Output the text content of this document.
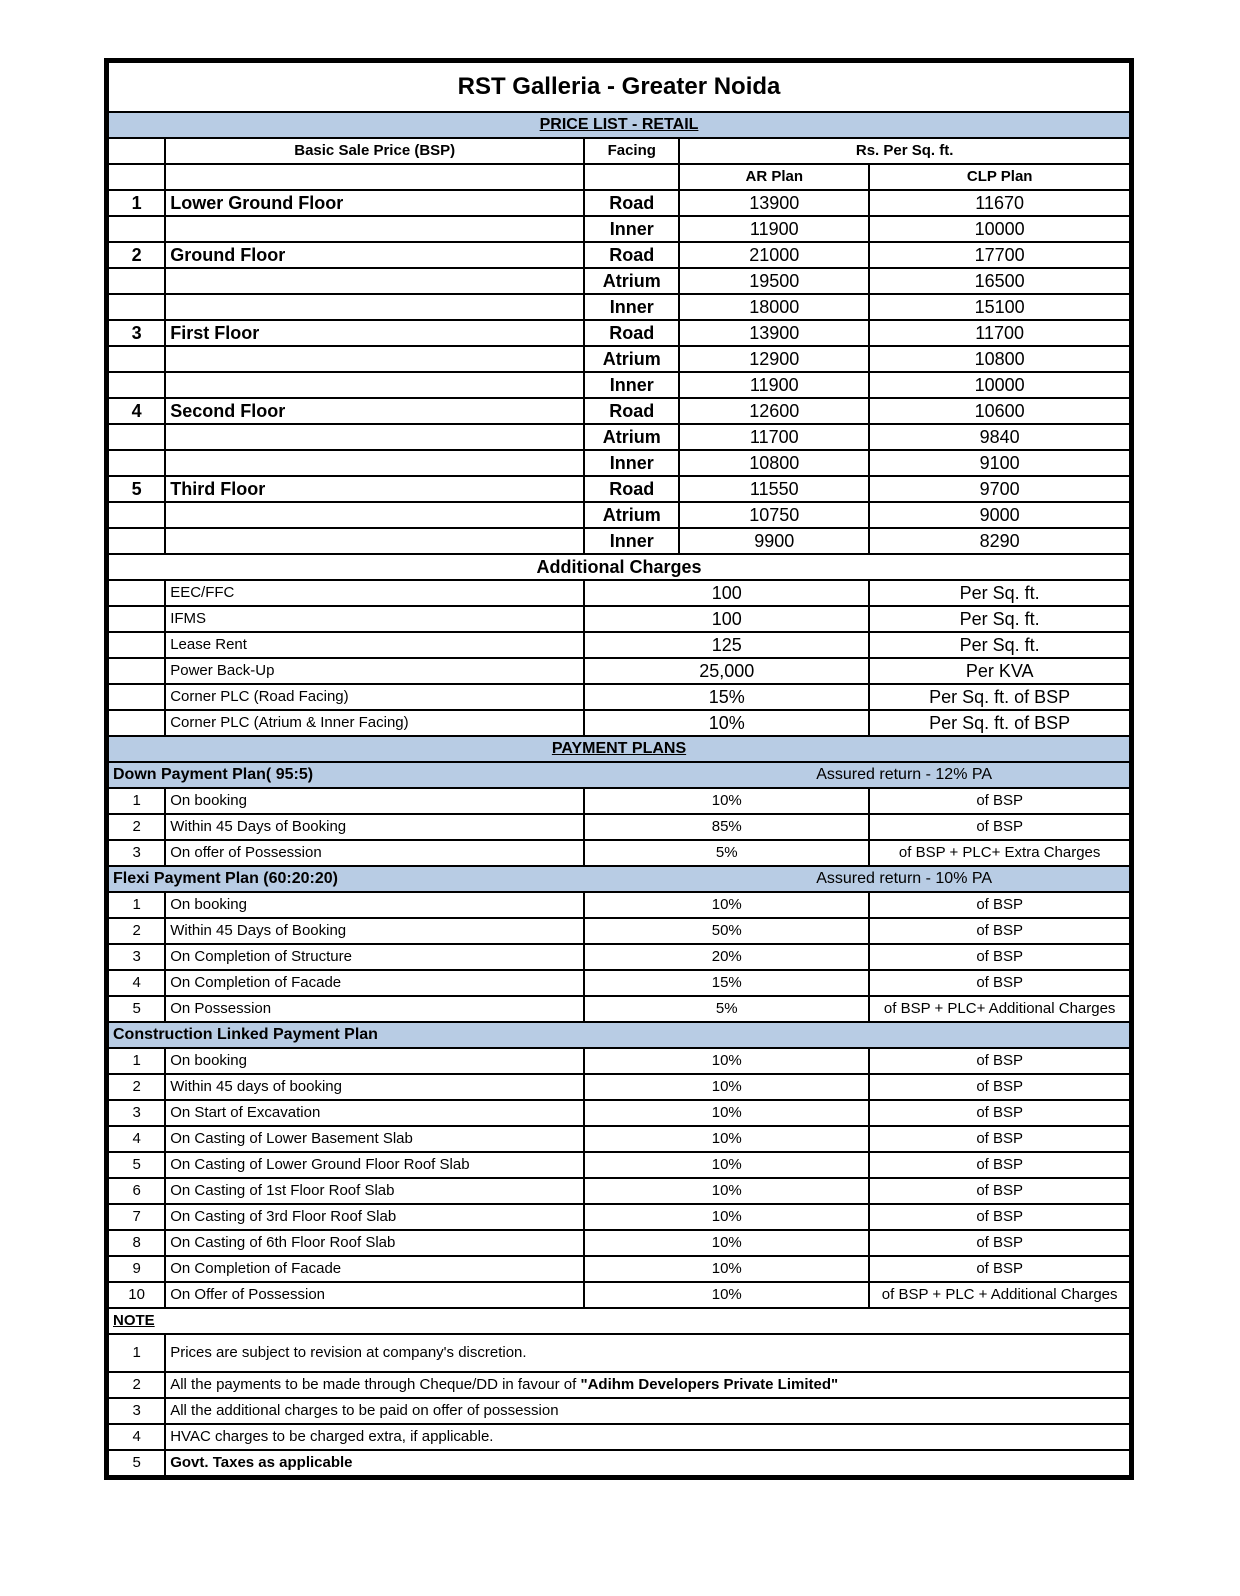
RST Galleria - Greater Noida				
PRICE LIST - RETAIL				
	Basic Sale Price (BSP)	Facing	Rs. Per Sq. ft.	
			AR Plan	CLP Plan
1	Lower Ground Floor	Road	13900	11670
		Inner	11900	10000
2	Ground Floor	Road	21000	17700
		Atrium	19500	16500
		Inner	18000	15100
3	First Floor	Road	13900	11700
		Atrium	12900	10800
		Inner	11900	10000
4	Second Floor	Road	12600	10600
		Atrium	11700	9840
		Inner	10800	9100
5	Third Floor	Road	11550	9700
		Atrium	10750	9000
		Inner	9900	8290
Additional Charges				
	EEC/FFC	100		Per Sq. ft.
	IFMS	100		Per Sq. ft.
	Lease Rent	125		Per Sq. ft.
	Power Back-Up	25,000		Per KVA
	Corner PLC (Road Facing)	15%		Per Sq. ft. of BSP
	Corner PLC (Atrium & Inner Facing)	10%		Per Sq. ft. of BSP
PAYMENT PLANS				
Down Payment Plan( 95:5)			Assured return - 12% PA	
1	On booking	10%		of BSP
2	Within 45 Days of Booking	85%		of BSP
3	On offer of Possession	5%		of BSP + PLC+ Extra Charges
Flexi Payment Plan (60:20:20)			Assured return - 10% PA	
1	On booking	10%		of BSP
2	Within 45 Days of Booking	50%		of BSP
3	On Completion of Structure	20%		of BSP
4	On Completion of Facade	15%		of BSP
5	On Possession	5%		of BSP + PLC+ Additional Charges
Construction Linked Payment Plan				
1	On booking	10%		of BSP
2	Within 45 days of booking	10%		of BSP
3	On Start of Excavation	10%		of BSP
4	On Casting of Lower Basement Slab	10%		of BSP
5	On Casting of Lower Ground Floor Roof Slab	10%		of BSP
6	On Casting of 1st Floor Roof Slab	10%		of BSP
7	On Casting of 3rd Floor Roof Slab	10%		of BSP
8	On Casting of 6th Floor Roof Slab	10%		of BSP
9	On Completion of Facade	10%		of BSP
10	On Offer of Possession	10%		of BSP + PLC + Additional Charges
NOTE				
1	Prices are subject to revision at company's discretion.			
2	All the payments to be made through Cheque/DD in favour of "Adihm Developers Private Limited"			
3	All the additional charges to be paid on offer of possession			
4	HVAC charges to be charged extra, if applicable.			
5	Govt. Taxes as applicable			
